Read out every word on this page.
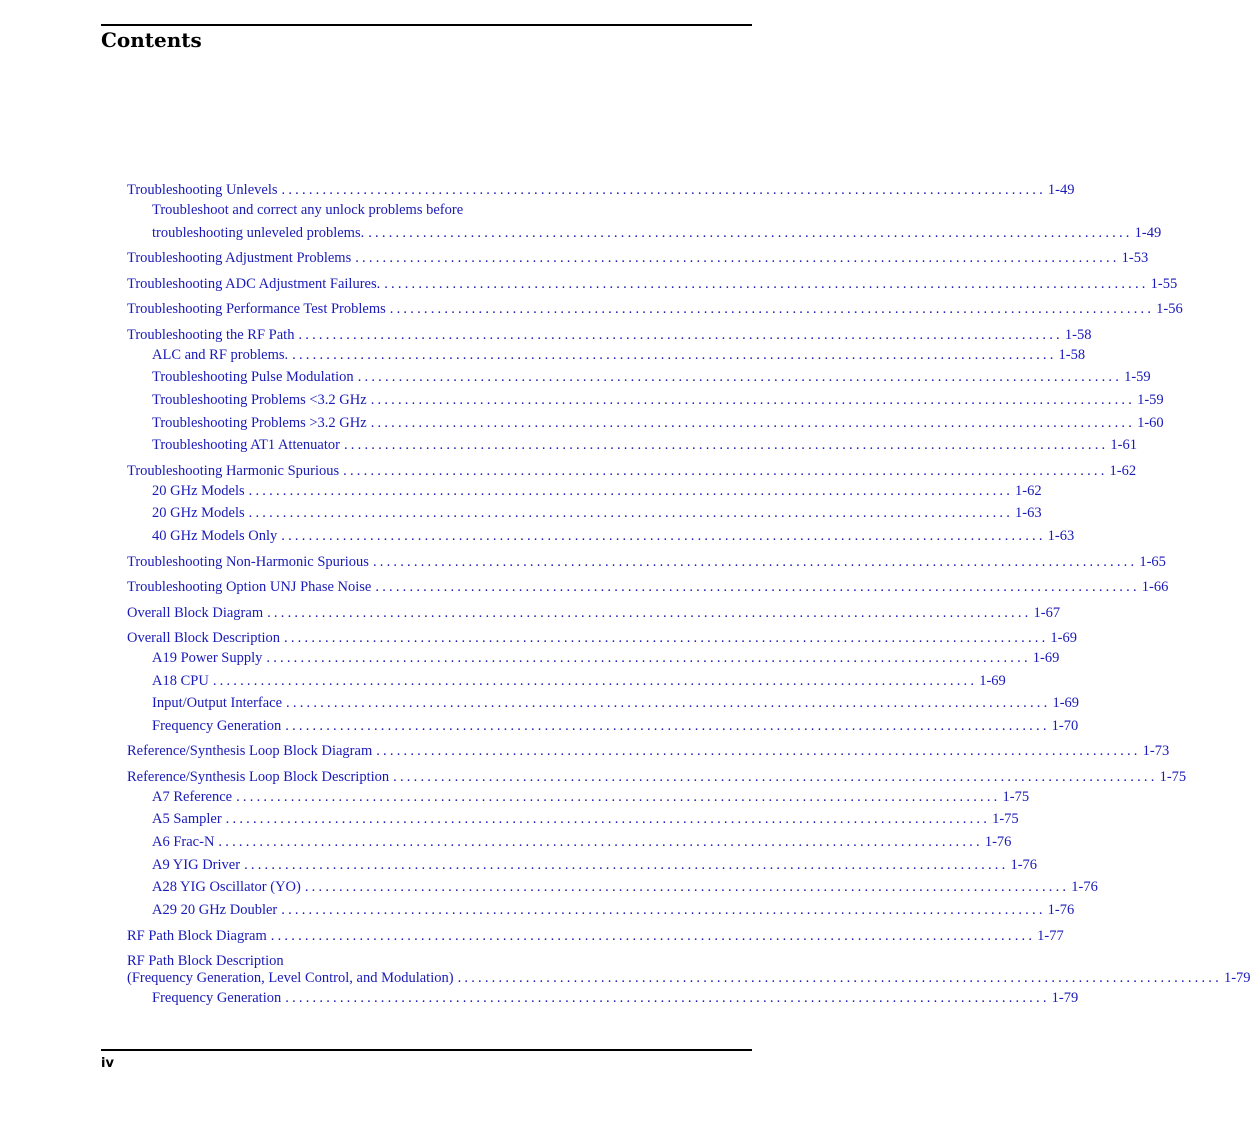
Contents
Troubleshooting Unlevels ................................................................................................................ 1-49
Troubleshoot and correct any unlock problems before
troubleshooting unleveled problems. ................................................................................................................ 1-49
Troubleshooting Adjustment Problems ................................................................................................................ 1-53
Troubleshooting ADC Adjustment Failures. ................................................................................................................ 1-55
Troubleshooting Performance Test Problems ................................................................................................................ 1-56
Troubleshooting the RF Path ................................................................................................................ 1-58
ALC and RF problems. ................................................................................................................ 1-58
Troubleshooting Pulse Modulation ................................................................................................................ 1-59
Troubleshooting Problems <3.2 GHz ................................................................................................................ 1-59
Troubleshooting Problems >3.2 GHz ................................................................................................................ 1-60
Troubleshooting AT1 Attenuator ................................................................................................................ 1-61
Troubleshooting Harmonic Spurious ................................................................................................................ 1-62
20 GHz Models ................................................................................................................ 1-62
20 GHz Models ................................................................................................................ 1-63
40 GHz Models Only ................................................................................................................ 1-63
Troubleshooting Non-Harmonic Spurious ................................................................................................................ 1-65
Troubleshooting Option UNJ Phase Noise ................................................................................................................ 1-66
Overall Block Diagram ................................................................................................................ 1-67
Overall Block Description ................................................................................................................ 1-69
A19 Power Supply ................................................................................................................ 1-69
A18 CPU ................................................................................................................ 1-69
Input/Output Interface ................................................................................................................ 1-69
Frequency Generation ................................................................................................................ 1-70
Reference/Synthesis Loop Block Diagram ................................................................................................................ 1-73
Reference/Synthesis Loop Block Description ................................................................................................................ 1-75
A7 Reference ................................................................................................................ 1-75
A5 Sampler ................................................................................................................ 1-75
A6 Frac-N ................................................................................................................ 1-76
A9 YIG Driver ................................................................................................................ 1-76
A28 YIG Oscillator (YO) ................................................................................................................ 1-76
A29 20 GHz Doubler ................................................................................................................ 1-76
RF Path Block Diagram ................................................................................................................ 1-77
RF Path Block Description
(Frequency Generation, Level Control, and Modulation) ................................................................................................................ 1-79
Frequency Generation ................................................................................................................ 1-79
iv
